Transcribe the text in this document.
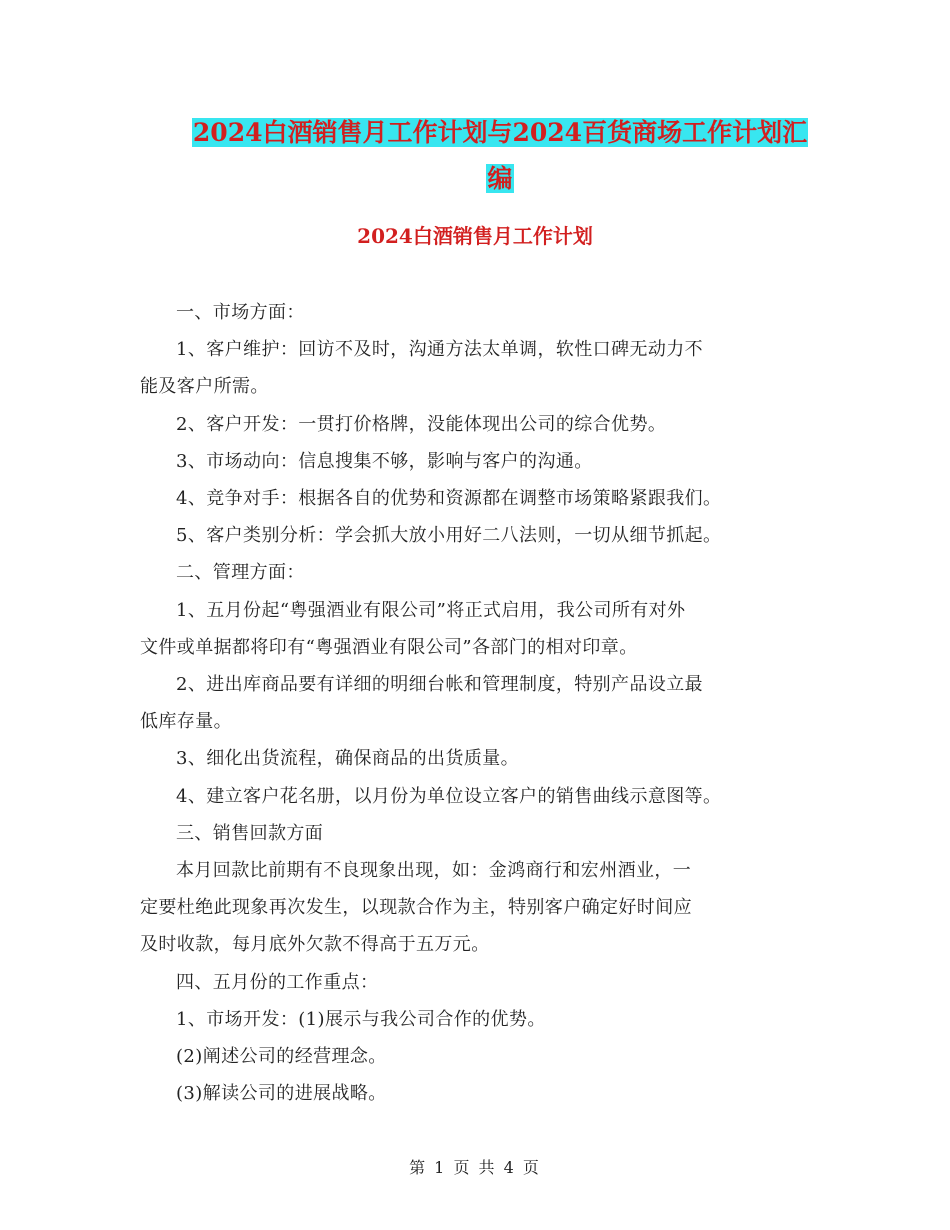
2024白酒销售月工作计划与2024百货商场工作计划汇
编
2024白酒销售月工作计划

一、市场方面：

1、客户维护：回访不及时，沟通方法太单调，软性口碑无动力不

能及客户所需。

2、客户开发：一贯打价格牌，没能体现出公司的综合优势。

3、市场动向：信息搜集不够，影响与客户的沟通。

4、竞争对手：根据各自的优势和资源都在调整市场策略紧跟我们。

5、客户类别分析：学会抓大放小用好二八法则，一切从细节抓起。

二、管理方面：

1、五月份起“粤强酒业有限公司”将正式启用，我公司所有对外

文件或单据都将印有“粤强酒业有限公司”各部门的相对印章。

2、进出库商品要有详细的明细台帐和管理制度，特别产品设立最

低库存量。

3、细化出货流程，确保商品的出货质量。

4、建立客户花名册，以月份为单位设立客户的销售曲线示意图等。

三、销售回款方面

本月回款比前期有不良现象出现，如：金鸿商行和宏州酒业，一

定要杜绝此现象再次发生，以现款合作为主，特别客户确定好时间应

及时收款，每月底外欠款不得高于五万元。

四、五月份的工作重点：

1、市场开发：(1)展示与我公司合作的优势。

(2)阐述公司的经营理念。

(3)解读公司的进展战略。

第 1 页 共 4 页
